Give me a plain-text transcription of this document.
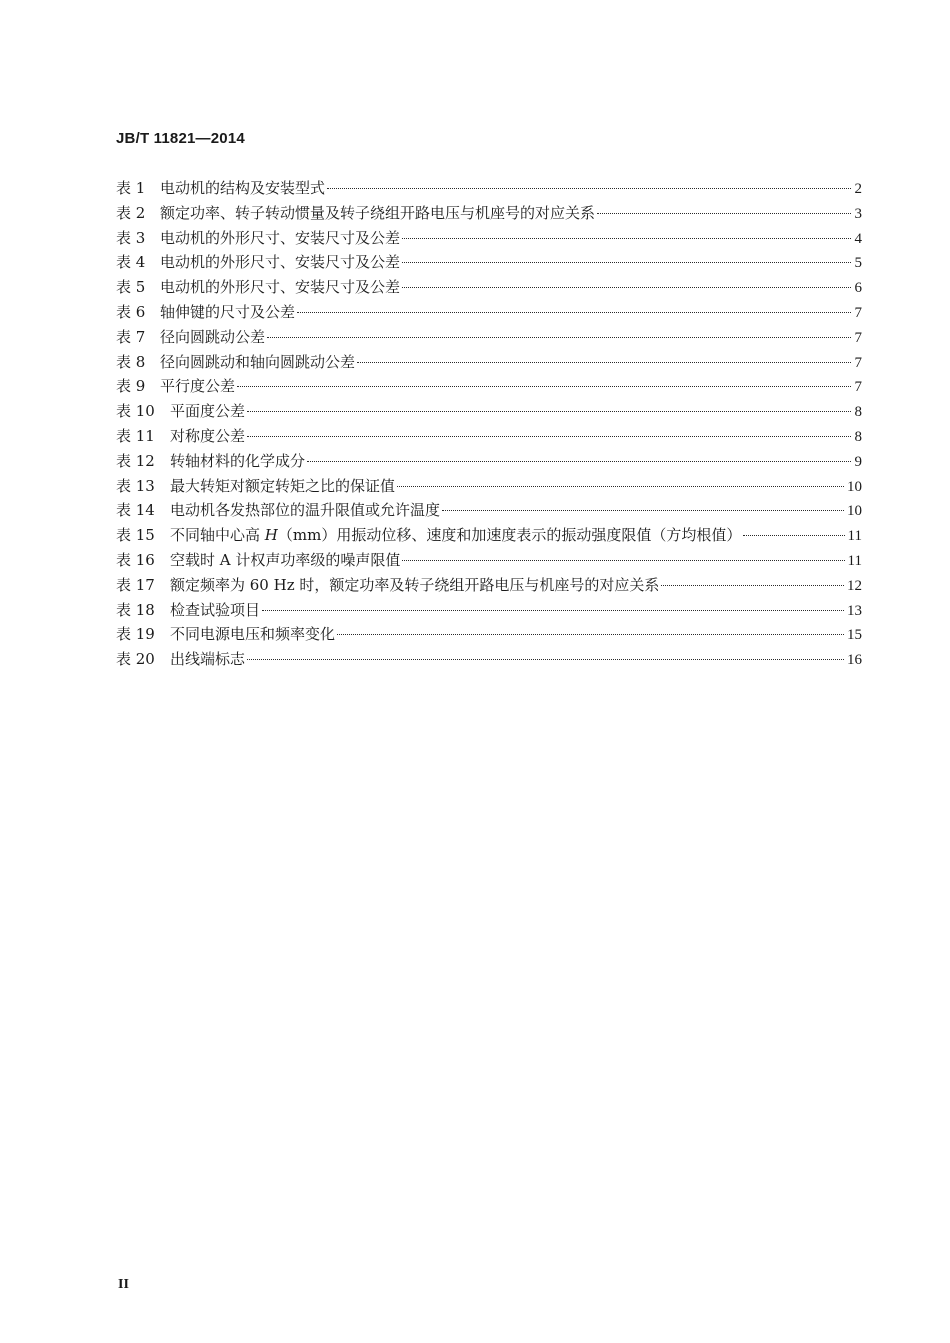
JB/T 11821—2014
表 1 电动机的结构及安装型式	2
表 2 额定功率、转子转动惯量及转子绕组开路电压与机座号的对应关系	3
表 3 电动机的外形尺寸、安装尺寸及公差	4
表 4 电动机的外形尺寸、安装尺寸及公差	5
表 5 电动机的外形尺寸、安装尺寸及公差	6
表 6 轴伸键的尺寸及公差	7
表 7 径向圆跳动公差	7
表 8 径向圆跳动和轴向圆跳动公差	7
表 9 平行度公差	7
表 10	平面度公差	8
表 11	对称度公差	8
表 12	转轴材料的化学成分	9
表 13	最大转矩对额定转矩之比的保证值	10
表 14	电动机各发热部位的温升限值或允许温度	10
表 15	不同轴中心高 H（mm）用振动位移、速度和加速度表示的振动强度限值（方均根值）	11
表 16	空载时 A 计权声功率级的噪声限值	11
表 17	额定频率为 60 Hz 时，额定功率及转子绕组开路电压与机座号的对应关系	12
表 18	检查试验项目	13
表 19	不同电源电压和频率变化	15
表 20	出线端标志	16
II
